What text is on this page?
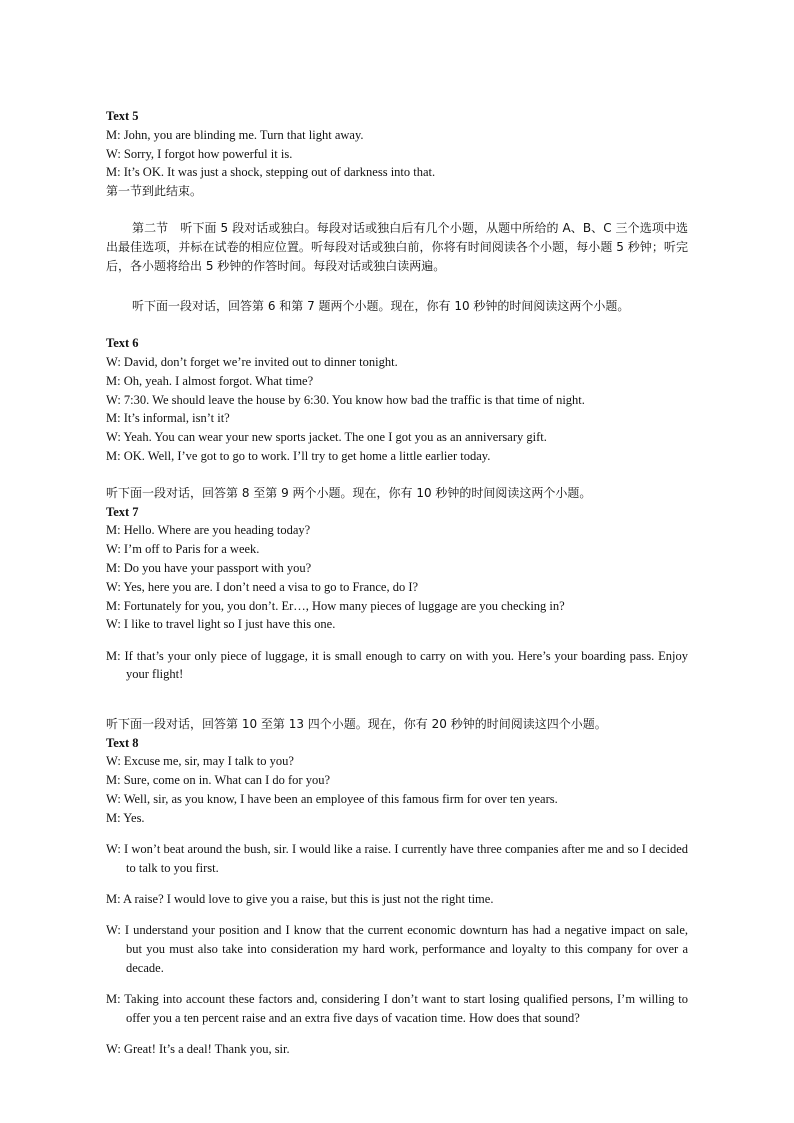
Text 5

M: John, you are blinding me. Turn that light away.

W: Sorry, I forgot how powerful it is.

M: It’s OK. It was just a shock, stepping out of darkness into that.

第一节到此结束。

第二节　听下面 5 段对话或独白。每段对话或独白后有几个小题，从题中所给的 A、B、C 三个选项中选出最佳选项，并标在试卷的相应位置。听每段对话或独白前，你将有时间阅读各个小题，每小题 5 秒钟；听完后，各小题将给出 5 秒钟的作答时间。每段对话或独白读两遍。

听下面一段对话，回答第 6 和第 7 题两个小题。现在，你有 10 秒钟的时间阅读这两个小题。

Text 6

W: David, don’t forget we’re invited out to dinner tonight.

M: Oh, yeah. I almost forgot. What time?

W: 7:30. We should leave the house by 6:30. You know how bad the traffic is that time of night.

M: It’s informal, isn’t it?

W: Yeah. You can wear your new sports jacket. The one I got you as an anniversary gift.

M: OK. Well, I’ve got to go to work. I’ll try to get home a little earlier today.

听下面一段对话，回答第 8 至第 9 两个小题。现在，你有 10 秒钟的时间阅读这两个小题。

Text 7

M: Hello. Where are you heading today?

W: I’m off to Paris for a week.

M: Do you have your passport with you?

W: Yes, here you are. I don’t need a visa to go to France, do I?

M: Fortunately for you, you don’t. Er…, How many pieces of luggage are you checking in?

W: I like to travel light so I just have this one.

M: If that’s your only piece of luggage, it is small enough to carry on with you. Here’s your boarding pass. Enjoy your flight!

听下面一段对话，回答第 10 至第 13 四个小题。现在，你有 20 秒钟的时间阅读这四个小题。

Text 8

W: Excuse me, sir, may I talk to you?

M: Sure, come on in. What can I do for you?

W: Well, sir, as you know, I have been an employee of this famous firm for over ten years.

M: Yes.

W: I won’t beat around the bush, sir. I would like a raise. I currently have three companies after me and so I decided to talk to you first.

M: A raise? I would love to give you a raise, but this is just not the right time.

W: I understand your position and I know that the current economic downturn has had a negative impact on sale, but you must also take into consideration my hard work, performance and loyalty to this company for over a decade.

M: Taking into account these factors and, considering I don’t want to start losing qualified persons, I’m willing to offer you a ten percent raise and an extra five days of vacation time. How does that sound?

W: Great! It’s a deal! Thank you, sir.
